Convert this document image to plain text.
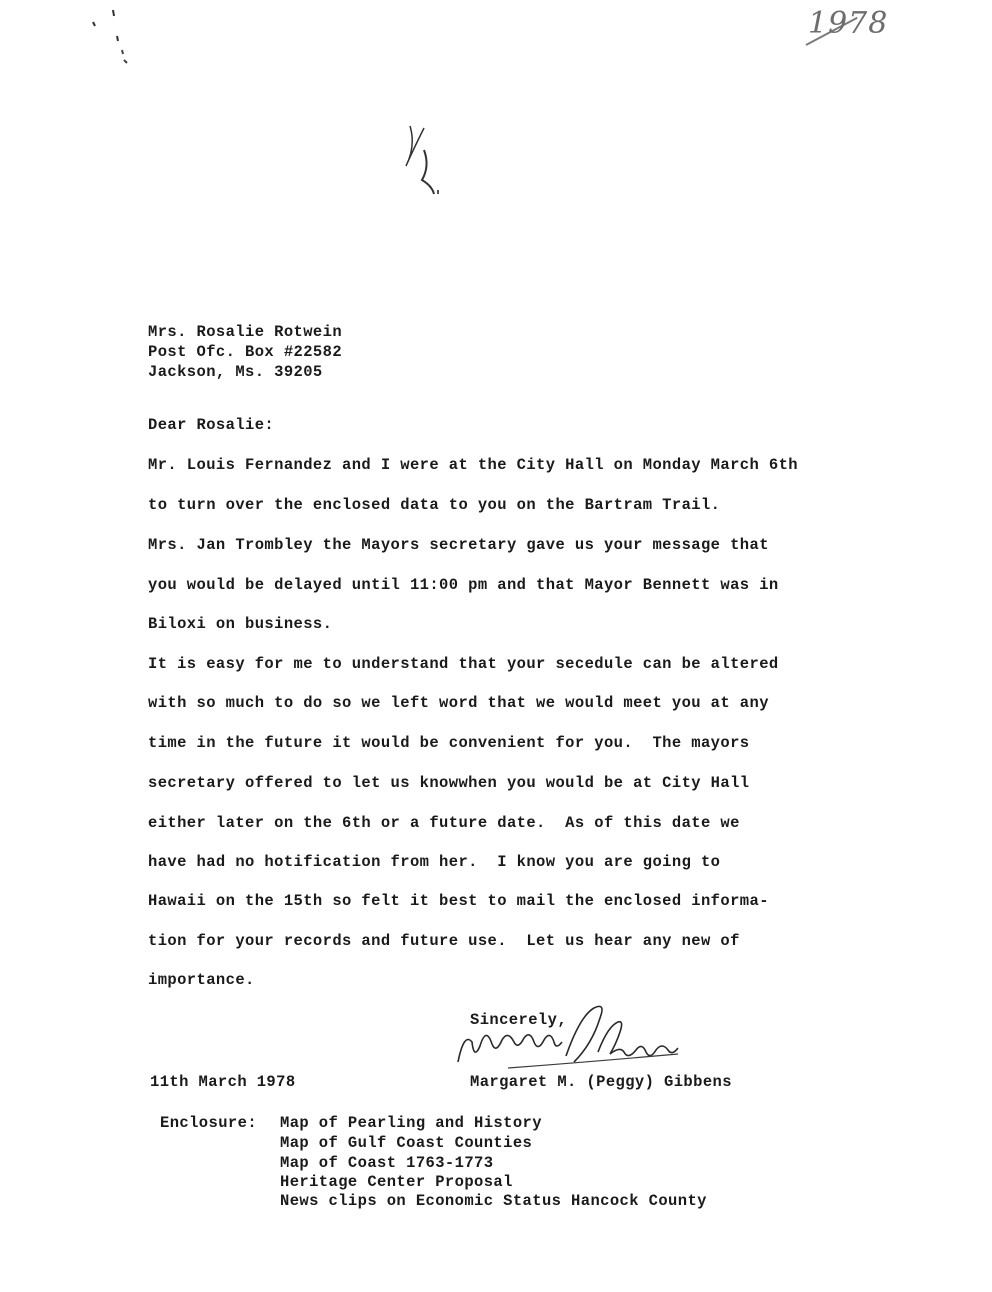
1978
Mrs. Rosalie Rotwein
Post Ofc. Box #22582
Jackson, Ms. 39205
Dear Rosalie:
Mr. Louis Fernandez and I were at the City Hall on Monday March 6th
to turn over the enclosed data to you on the Bartram Trail.
Mrs. Jan Trombley the Mayors secretary gave us your message that
you would be delayed until 11:00 pm and that Mayor Bennett was in
Biloxi on business.
It is easy for me to understand that your secedule can be altered
with so much to do so we left word that we would meet you at any
time in the future it would be convenient for you.  The mayors
secretary offered to let us knowwhen you would be at City Hall
either later on the 6th or a future date.  As of this date we
have had no hotification from her.  I know you are going to
Hawaii on the 15th so felt it best to mail the enclosed informa-
tion for your records and future use.  Let us hear any new of
importance.
Sincerely,
11th March 1978	Margaret M. (Peggy) Gibbens
Enclosure: Map of Pearling and History
Map of Gulf Coast Counties
Map of Coast 1763-1773
Heritage Center Proposal
News clips on Economic Status Hancock County
